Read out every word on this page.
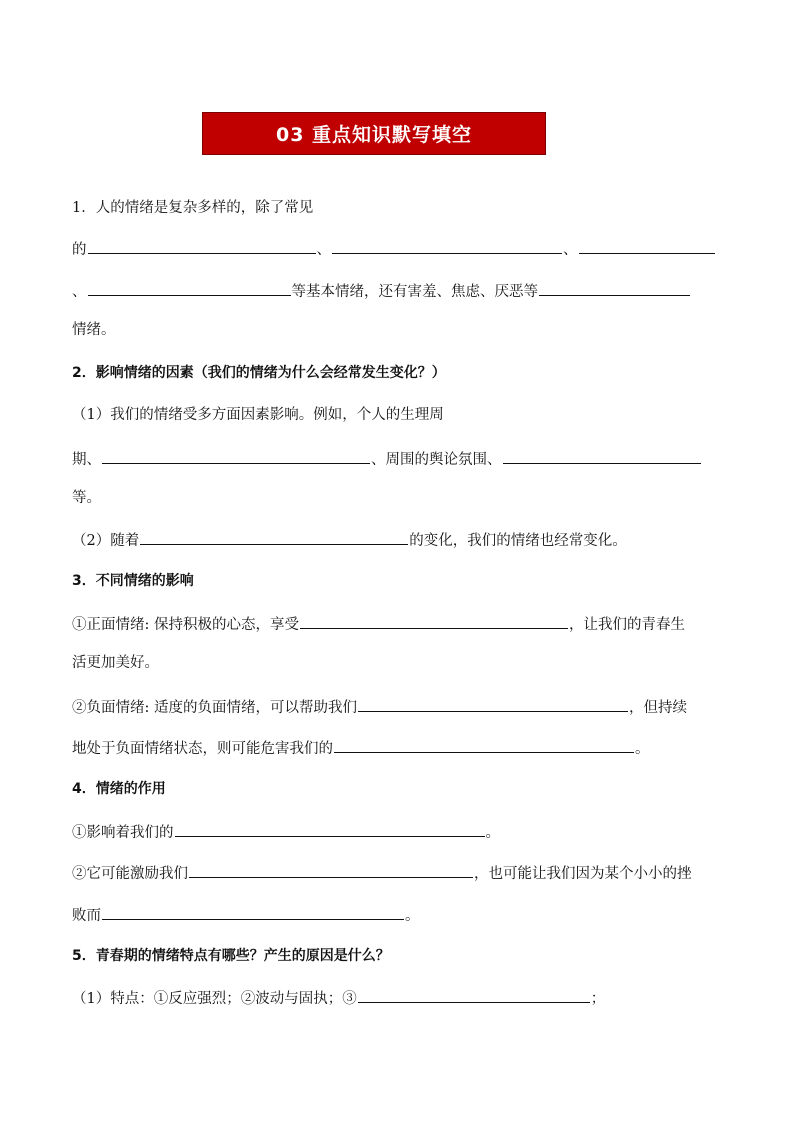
03 重点知识默写填空
1．人的情绪是复杂多样的，除了常见
的	、	、
、	等基本情绪，还有害羞、焦虑、厌恶等
情绪。
2．影响情绪的因素（我们的情绪为什么会经常发生变化？）
（1）我们的情绪受多方面因素影响。例如，个人的生理周
期、	、周围的舆论氛围、
等。
（2）随着	的变化，我们的情绪也经常变化。
3．不同情绪的影响
①正面情绪: 保持积极的心态，享受	，让我们的青春生
活更加美好。
②负面情绪: 适度的负面情绪，可以帮助我们	，但持续
地处于负面情绪状态，则可能危害我们的	。
4．情绪的作用
①影响着我们的	。
②它可能激励我们	，也可能让我们因为某个小小的挫
败而	。
5．青春期的情绪特点有哪些？产生的原因是什么？
（1）特点：①反应强烈；②波动与固执；③	；
